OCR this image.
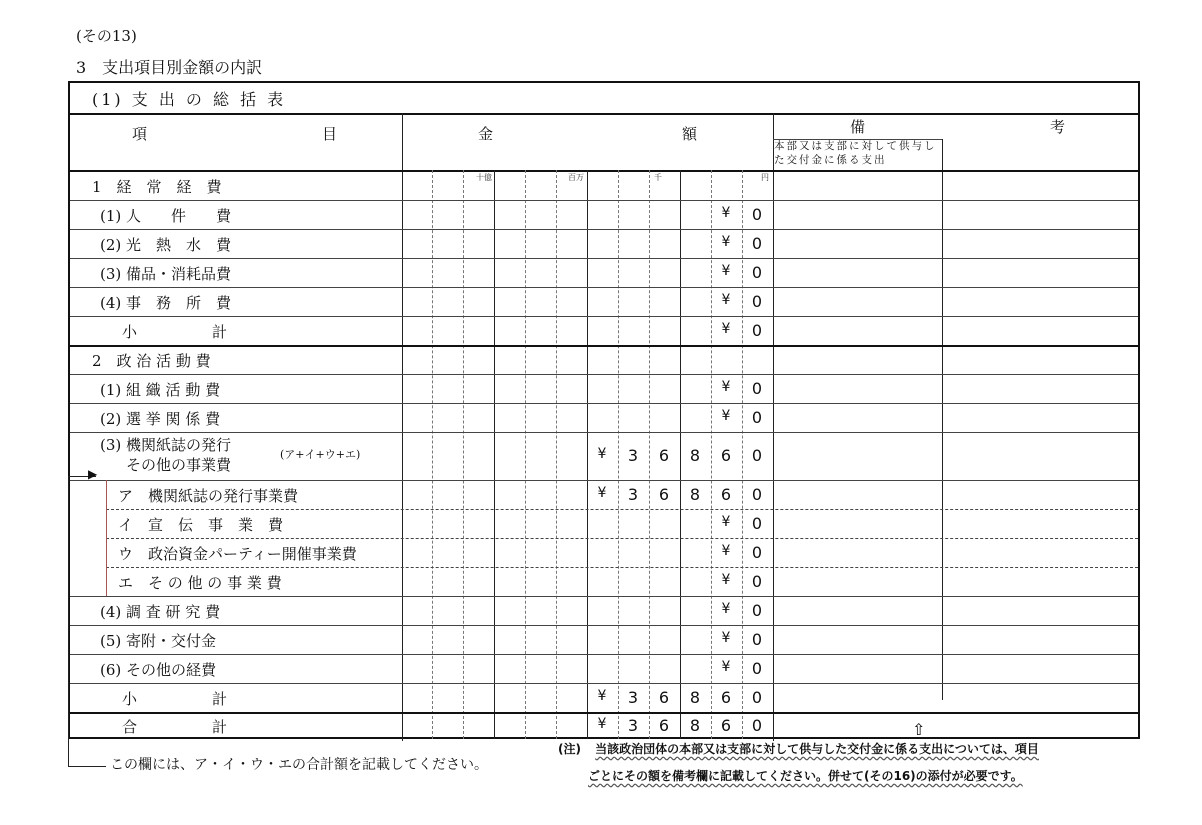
(その13)
3　支出項目別金額の内訳
(1) 支 出 の 総 括 表
項	目	金	額	備	考
本部又は支部に対して供与した交付金に係る支出
十億	百万	千	円
1　経　常　経　費
(1) 人　　件　　費	¥	0
(2) 光　熱　水　費	¥	0
(3) 備品・消耗品費	¥	0
(4) 事　務　所　費	¥	0
小　　　　　計	¥	0
2　政 治 活 動 費
(1) 組 織 活 動 費	¥	0
(2) 選 挙 関 係 費	¥	0
(3) 機関紙誌の発行
その他の事業費
(ア+イ+ウ+エ)	¥	3	6	8	6	0
ア　機関紙誌の発行事業費	¥	3	6	8	6	0
イ　宣　伝　事　業　費	¥	0
ウ　政治資金パーティー開催事業費	¥	0
エ　そ の 他 の 事 業 費	¥	0
(4) 調 査 研 究 費	¥	0
(5) 寄附・交付金	¥	0
(6) その他の経費	¥	0
小　　　　　計	¥	3	6	8	6	0
合　　　　　計	¥	3	6	8	6	0
▶
この欄には、ア・イ・ウ・エの合計額を記載してください。
(注) 当該政治団体の本部又は支部に対して供与した交付金に係る支出については、項目
ごとにその額を備考欄に記載してください。併せて(その16)の添付が必要です。
⇧
